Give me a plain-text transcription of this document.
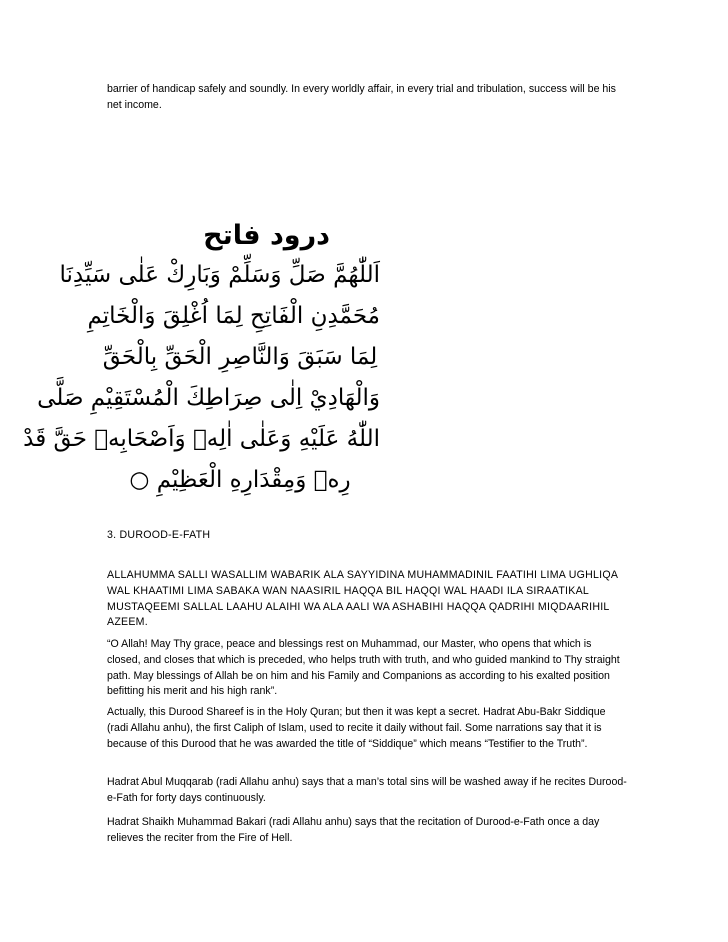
barrier of handicap safely and soundly. In every worldly affair, in every trial and tribulation, success will be his net income.

درود فاتح
اَللّٰهُمَّ صَلِّ وَسَلِّمْ وَبَارِكْ عَلٰى سَيِّدِنَا
مُحَمَّدِنِ الْفَاتِحِ لِمَا اُغْلِقَ وَالْخَاتِمِ
لِمَا سَبَقَ وَالنَّاصِرِ الْحَقِّ بِالْحَقِّ
وَالْهَادِيْ اِلٰى صِرَاطِكَ الْمُسْتَقِيْمِ صَلَّى
اللّٰهُ عَلَيْهِ وَعَلٰى اٰلِهٖ وَاَصْحَابِهٖ حَقَّ قَدْ
رِهٖ وَمِقْدَارِهِ الْعَظِيْمِ ○

3. DUROOD-E-FATH

ALLAHUMMA SALLI WASALLIM WABARIK ALA SAYYIDINA MUHAMMADINIL FAATIHI LIMA UGHLIQA WAL KHAATIMI LIMA SABAKA WAN NAASIRIL HAQQA BIL HAQQI WAL HAADI ILA SIRAATIKAL MUSTAQEEMI SALLAL LAAHU ALAIHI WA ALA AALI WA ASHABIHI HAQQA QADRIHI MIQDAARIHIL AZEEM.

“O Allah! May Thy grace, peace and blessings rest on Muhammad, our Master, who opens that which is closed, and closes that which is preceded, who helps truth with truth, and who guided mankind to Thy straight path. May blessings of Allah be on him and his Family and Companions as according to his exalted position befitting his merit and his high rank”.

Actually, this Durood Shareef is in the Holy Quran; but then it was kept a secret. Hadrat Abu-Bakr Siddique (radi Allahu anhu), the first Caliph of Islam, used to recite it daily without fail. Some narrations say that it is because of this Durood that he was awarded the title of “Siddique” which means “Testifier to the Truth”.

Hadrat Abul Muqqarab (radi Allahu anhu) says that a man’s total sins will be washed away if he recites Durood-e-Fath for forty days continuously.

Hadrat Shaikh Muhammad Bakari (radi Allahu anhu) says that the recitation of Durood-e-Fath once a day relieves the reciter from the Fire of Hell.
